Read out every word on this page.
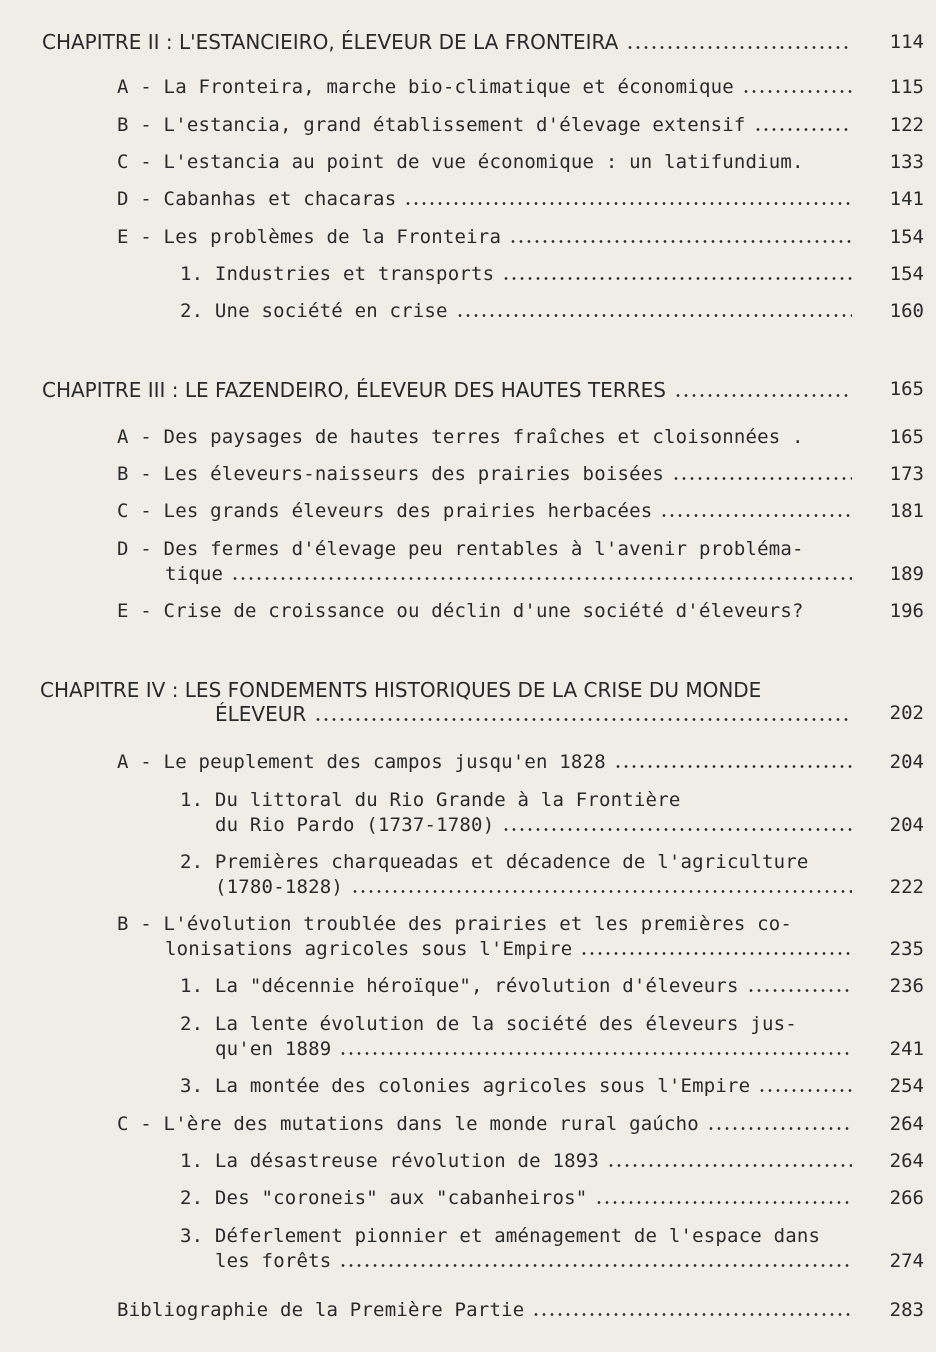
CHAPITRE II : L'ESTANCIEIRO, ÉLEVEUR DE LA FRONTEIRA	114
A - La Fronteira, marche bio-climatique et économique	115
B - L'estancia, grand établissement d'élevage extensif	122
C - L'estancia au point de vue économique : un latifundium.	133
D - Cabanhas et chacaras	141
E - Les problèmes de la Fronteira	154
1. Industries et transports	154
2. Une société en crise	160
CHAPITRE III : LE FAZENDEIRO, ÉLEVEUR DES HAUTES TERRES	165
A - Des paysages de hautes terres fraîches et cloisonnées .	165
B - Les éleveurs-naisseurs des prairies boisées	173
C - Les grands éleveurs des prairies herbacées	181
D - Des fermes d'élevage peu rentables à l'avenir probléma-
tique	189
E - Crise de croissance ou déclin d'une société d'éleveurs?	196
CHAPITRE IV : LES FONDEMENTS HISTORIQUES DE LA CRISE DU MONDE
ÉLEVEUR	202
A - Le peuplement des campos jusqu'en 1828	204
1. Du littoral du Rio Grande à la Frontière
du Rio Pardo (1737-1780)	204
2. Premières charqueadas et décadence de l'agriculture
(1780-1828)	222
B - L'évolution troublée des prairies et les premières co-
lonisations agricoles sous l'Empire	235
1. La "décennie héroïque", révolution d'éleveurs	236
2. La lente évolution de la société des éleveurs jus-
qu'en 1889	241
3. La montée des colonies agricoles sous l'Empire	254
C - L'ère des mutations dans le monde rural gaúcho	264
1. La désastreuse révolution de 1893	264
2. Des "coroneis" aux "cabanheiros"	266
3. Déferlement pionnier et aménagement de l'espace dans
les forêts	274
Bibliographie de la Première Partie	283
